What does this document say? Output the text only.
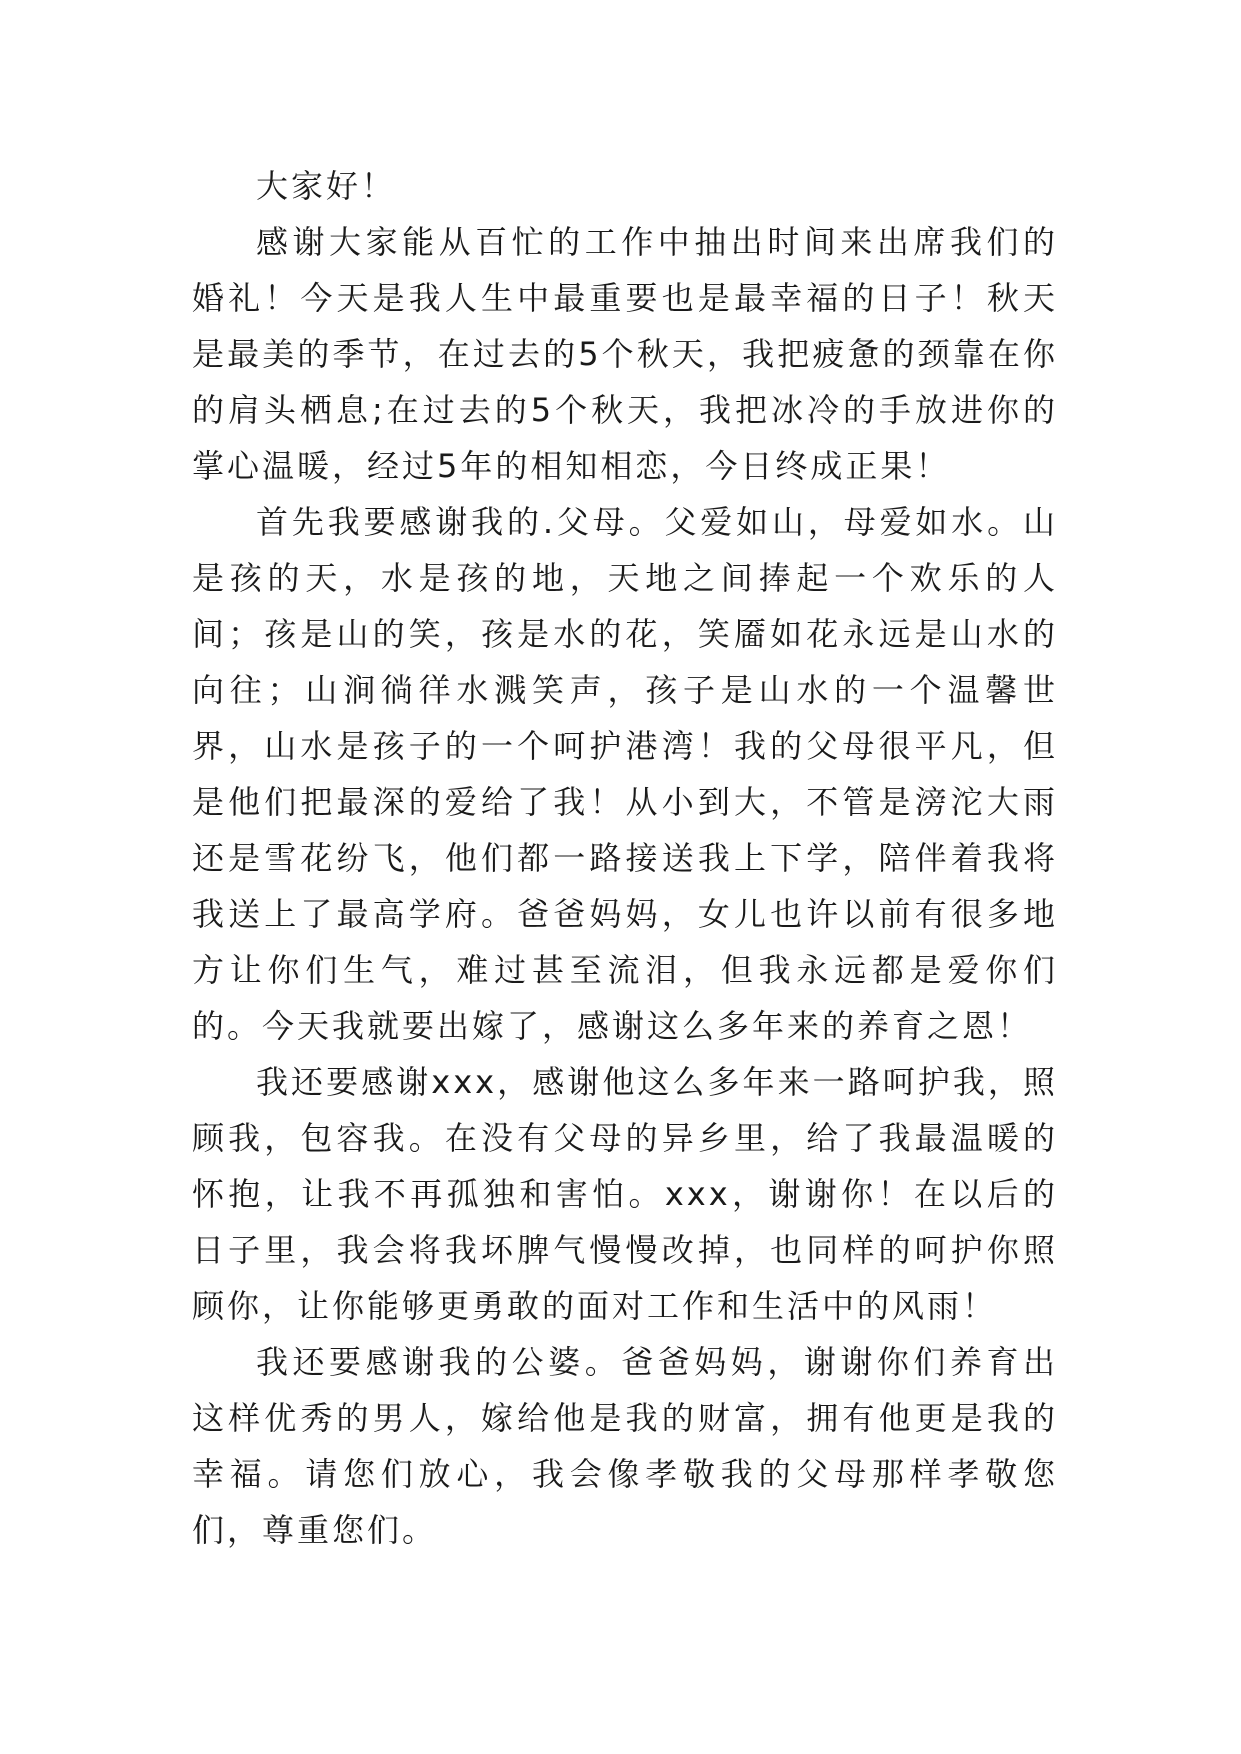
大家好！

感谢大家能从百忙的工作中抽出时间来出席我们的婚礼！今天是我人生中最重要也是最幸福的日子！秋天是最美的季节，在过去的5个秋天，我把疲惫的颈靠在你的肩头栖息;在过去的5个秋天，我把冰冷的手放进你的掌心温暖，经过5年的相知相恋，今日终成正果！

首先我要感谢我的.父母。父爱如山，母爱如水。山是孩的天，水是孩的地，天地之间捧起一个欢乐的人间；孩是山的笑，孩是水的花，笑靥如花永远是山水的向往；山涧徜徉水溅笑声，孩子是山水的一个温馨世界，山水是孩子的一个呵护港湾！我的父母很平凡，但是他们把最深的爱给了我！从小到大，不管是滂沱大雨还是雪花纷飞，他们都一路接送我上下学，陪伴着我将我送上了最高学府。爸爸妈妈，女儿也许以前有很多地方让你们生气，难过甚至流泪，但我永远都是爱你们的。今天我就要出嫁了，感谢这么多年来的养育之恩！

我还要感谢xxx，感谢他这么多年来一路呵护我，照顾我，包容我。在没有父母的异乡里，给了我最温暖的怀抱，让我不再孤独和害怕。xxx，谢谢你！在以后的日子里，我会将我坏脾气慢慢改掉，也同样的呵护你照顾你，让你能够更勇敢的面对工作和生活中的风雨！

我还要感谢我的公婆。爸爸妈妈，谢谢你们养育出这样优秀的男人，嫁给他是我的财富，拥有他更是我的幸福。请您们放心，我会像孝敬我的父母那样孝敬您们，尊重您们。
